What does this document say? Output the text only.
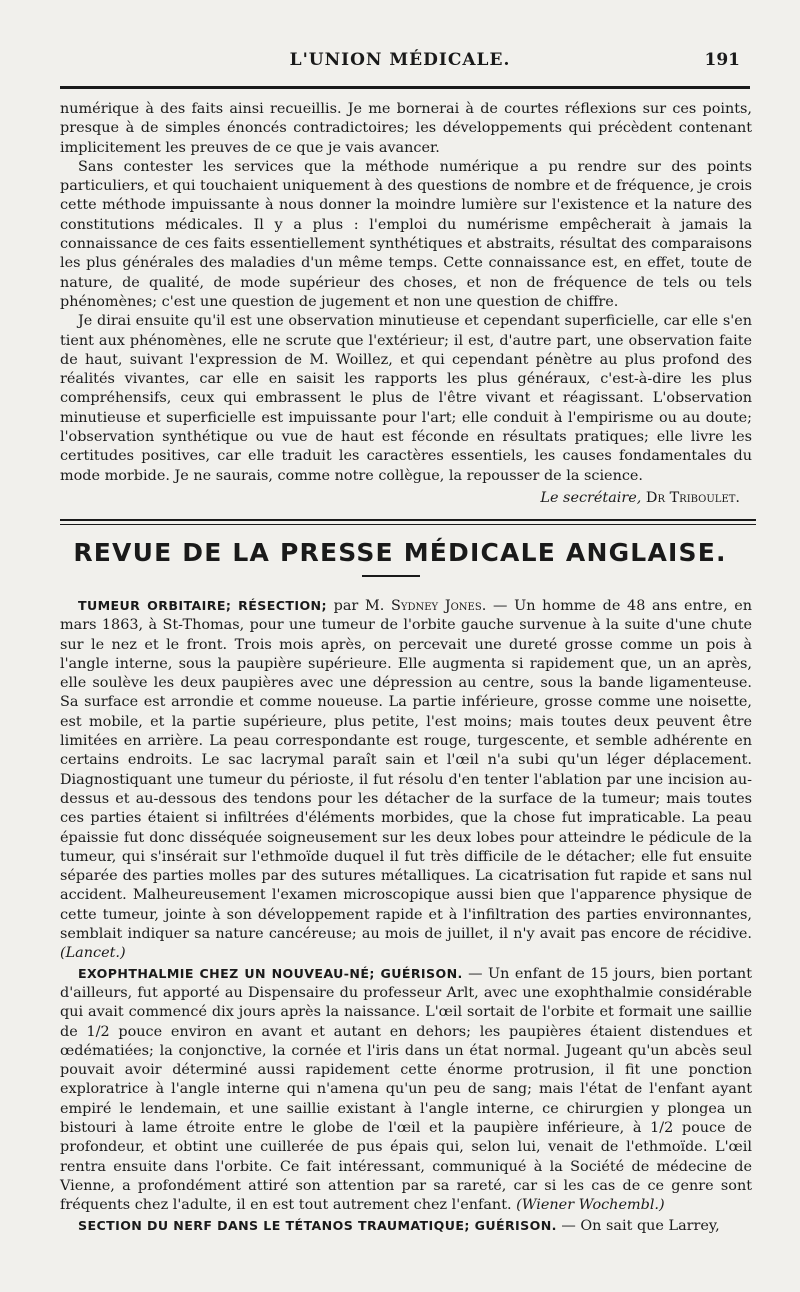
L'UNION MÉDICALE.	191

numérique à des faits ainsi recueillis. Je me bornerai à de courtes réflexions sur ces points, presque à de simples énoncés contradictoires; les développements qui précèdent contenant implicitement les preuves de ce que je vais avancer.

Sans contester les services que la méthode numérique a pu rendre sur des points particuliers, et qui touchaient uniquement à des questions de nombre et de fréquence, je crois cette méthode impuissante à nous donner la moindre lumière sur l'existence et la nature des constitutions médicales. Il y a plus : l'emploi du numérisme empêcherait à jamais la connaissance de ces faits essentiellement synthétiques et abstraits, résultat des comparaisons les plus générales des maladies d'un même temps. Cette connaissance est, en effet, toute de nature, de qualité, de mode supérieur des choses, et non de fréquence de tels ou tels phénomènes; c'est une question de jugement et non une question de chiffre.

Je dirai ensuite qu'il est une observation minutieuse et cependant superficielle, car elle s'en tient aux phénomènes, elle ne scrute que l'extérieur; il est, d'autre part, une observation faite de haut, suivant l'expression de M. Woillez, et qui cependant pénètre au plus profond des réalités vivantes, car elle en saisit les rapports les plus généraux, c'est-à-dire les plus compréhensifs, ceux qui embrassent le plus de l'être vivant et réagissant. L'observation minutieuse et superficielle est impuissante pour l'art; elle conduit à l'empirisme ou au doute; l'observation synthétique ou vue de haut est féconde en résultats pratiques; elle livre les certitudes positives, car elle traduit les caractères essentiels, les causes fondamentales du mode morbide. Je ne saurais, comme notre collègue, la repousser de la science.

Le secrétaire, Dr Triboulet.
REVUE DE LA PRESSE MÉDICALE ANGLAISE.

TUMEUR ORBITAIRE; RÉSECTION; par M. Sydney Jones. — Un homme de 48 ans entre, en mars 1863, à St-Thomas, pour une tumeur de l'orbite gauche survenue à la suite d'une chute sur le nez et le front. Trois mois après, on percevait une dureté grosse comme un pois à l'angle interne, sous la paupière supérieure. Elle augmenta si rapidement que, un an après, elle soulève les deux paupières avec une dépression au centre, sous la bande ligamenteuse. Sa surface est arrondie et comme noueuse. La partie inférieure, grosse comme une noisette, est mobile, et la partie supérieure, plus petite, l'est moins; mais toutes deux peuvent être limitées en arrière. La peau correspondante est rouge, turgescente, et semble adhérente en certains endroits. Le sac lacrymal paraît sain et l'œil n'a subi qu'un léger déplacement. Diagnostiquant une tumeur du périoste, il fut résolu d'en tenter l'ablation par une incision au-dessus et au-dessous des tendons pour les détacher de la surface de la tumeur; mais toutes ces parties étaient si infiltrées d'éléments morbides, que la chose fut impraticable. La peau épaissie fut donc disséquée soigneusement sur les deux lobes pour atteindre le pédicule de la tumeur, qui s'insérait sur l'ethmoïde duquel il fut très difficile de le détacher; elle fut ensuite séparée des parties molles par des sutures métalliques. La cicatrisation fut rapide et sans nul accident. Malheureusement l'examen microscopique aussi bien que l'apparence physique de cette tumeur, jointe à son développement rapide et à l'infiltration des parties environnantes, semblait indiquer sa nature cancéreuse; au mois de juillet, il n'y avait pas encore de récidive. (Lancet.)

EXOPHTHALMIE CHEZ UN NOUVEAU-NÉ; GUÉRISON. — Un enfant de 15 jours, bien portant d'ailleurs, fut apporté au Dispensaire du professeur Arlt, avec une exophthalmie considérable qui avait commencé dix jours après la naissance. L'œil sortait de l'orbite et formait une saillie de 1/2 pouce environ en avant et autant en dehors; les paupières étaient distendues et œdématiées; la conjonctive, la cornée et l'iris dans un état normal. Jugeant qu'un abcès seul pouvait avoir déterminé aussi rapidement cette énorme protrusion, il fit une ponction exploratrice à l'angle interne qui n'amena qu'un peu de sang; mais l'état de l'enfant ayant empiré le lendemain, et une saillie existant à l'angle interne, ce chirurgien y plongea un bistouri à lame étroite entre le globe de l'œil et la paupière inférieure, à 1/2 pouce de profondeur, et obtint une cuillerée de pus épais qui, selon lui, venait de l'ethmoïde. L'œil rentra ensuite dans l'orbite. Ce fait intéressant, communiqué à la Société de médecine de Vienne, a profondément attiré son attention par sa rareté, car si les cas de ce genre sont fréquents chez l'adulte, il en est tout autrement chez l'enfant. (Wiener Wochembl.)

SECTION DU NERF DANS LE TÉTANOS TRAUMATIQUE; GUÉRISON. — On sait que Larrey,
